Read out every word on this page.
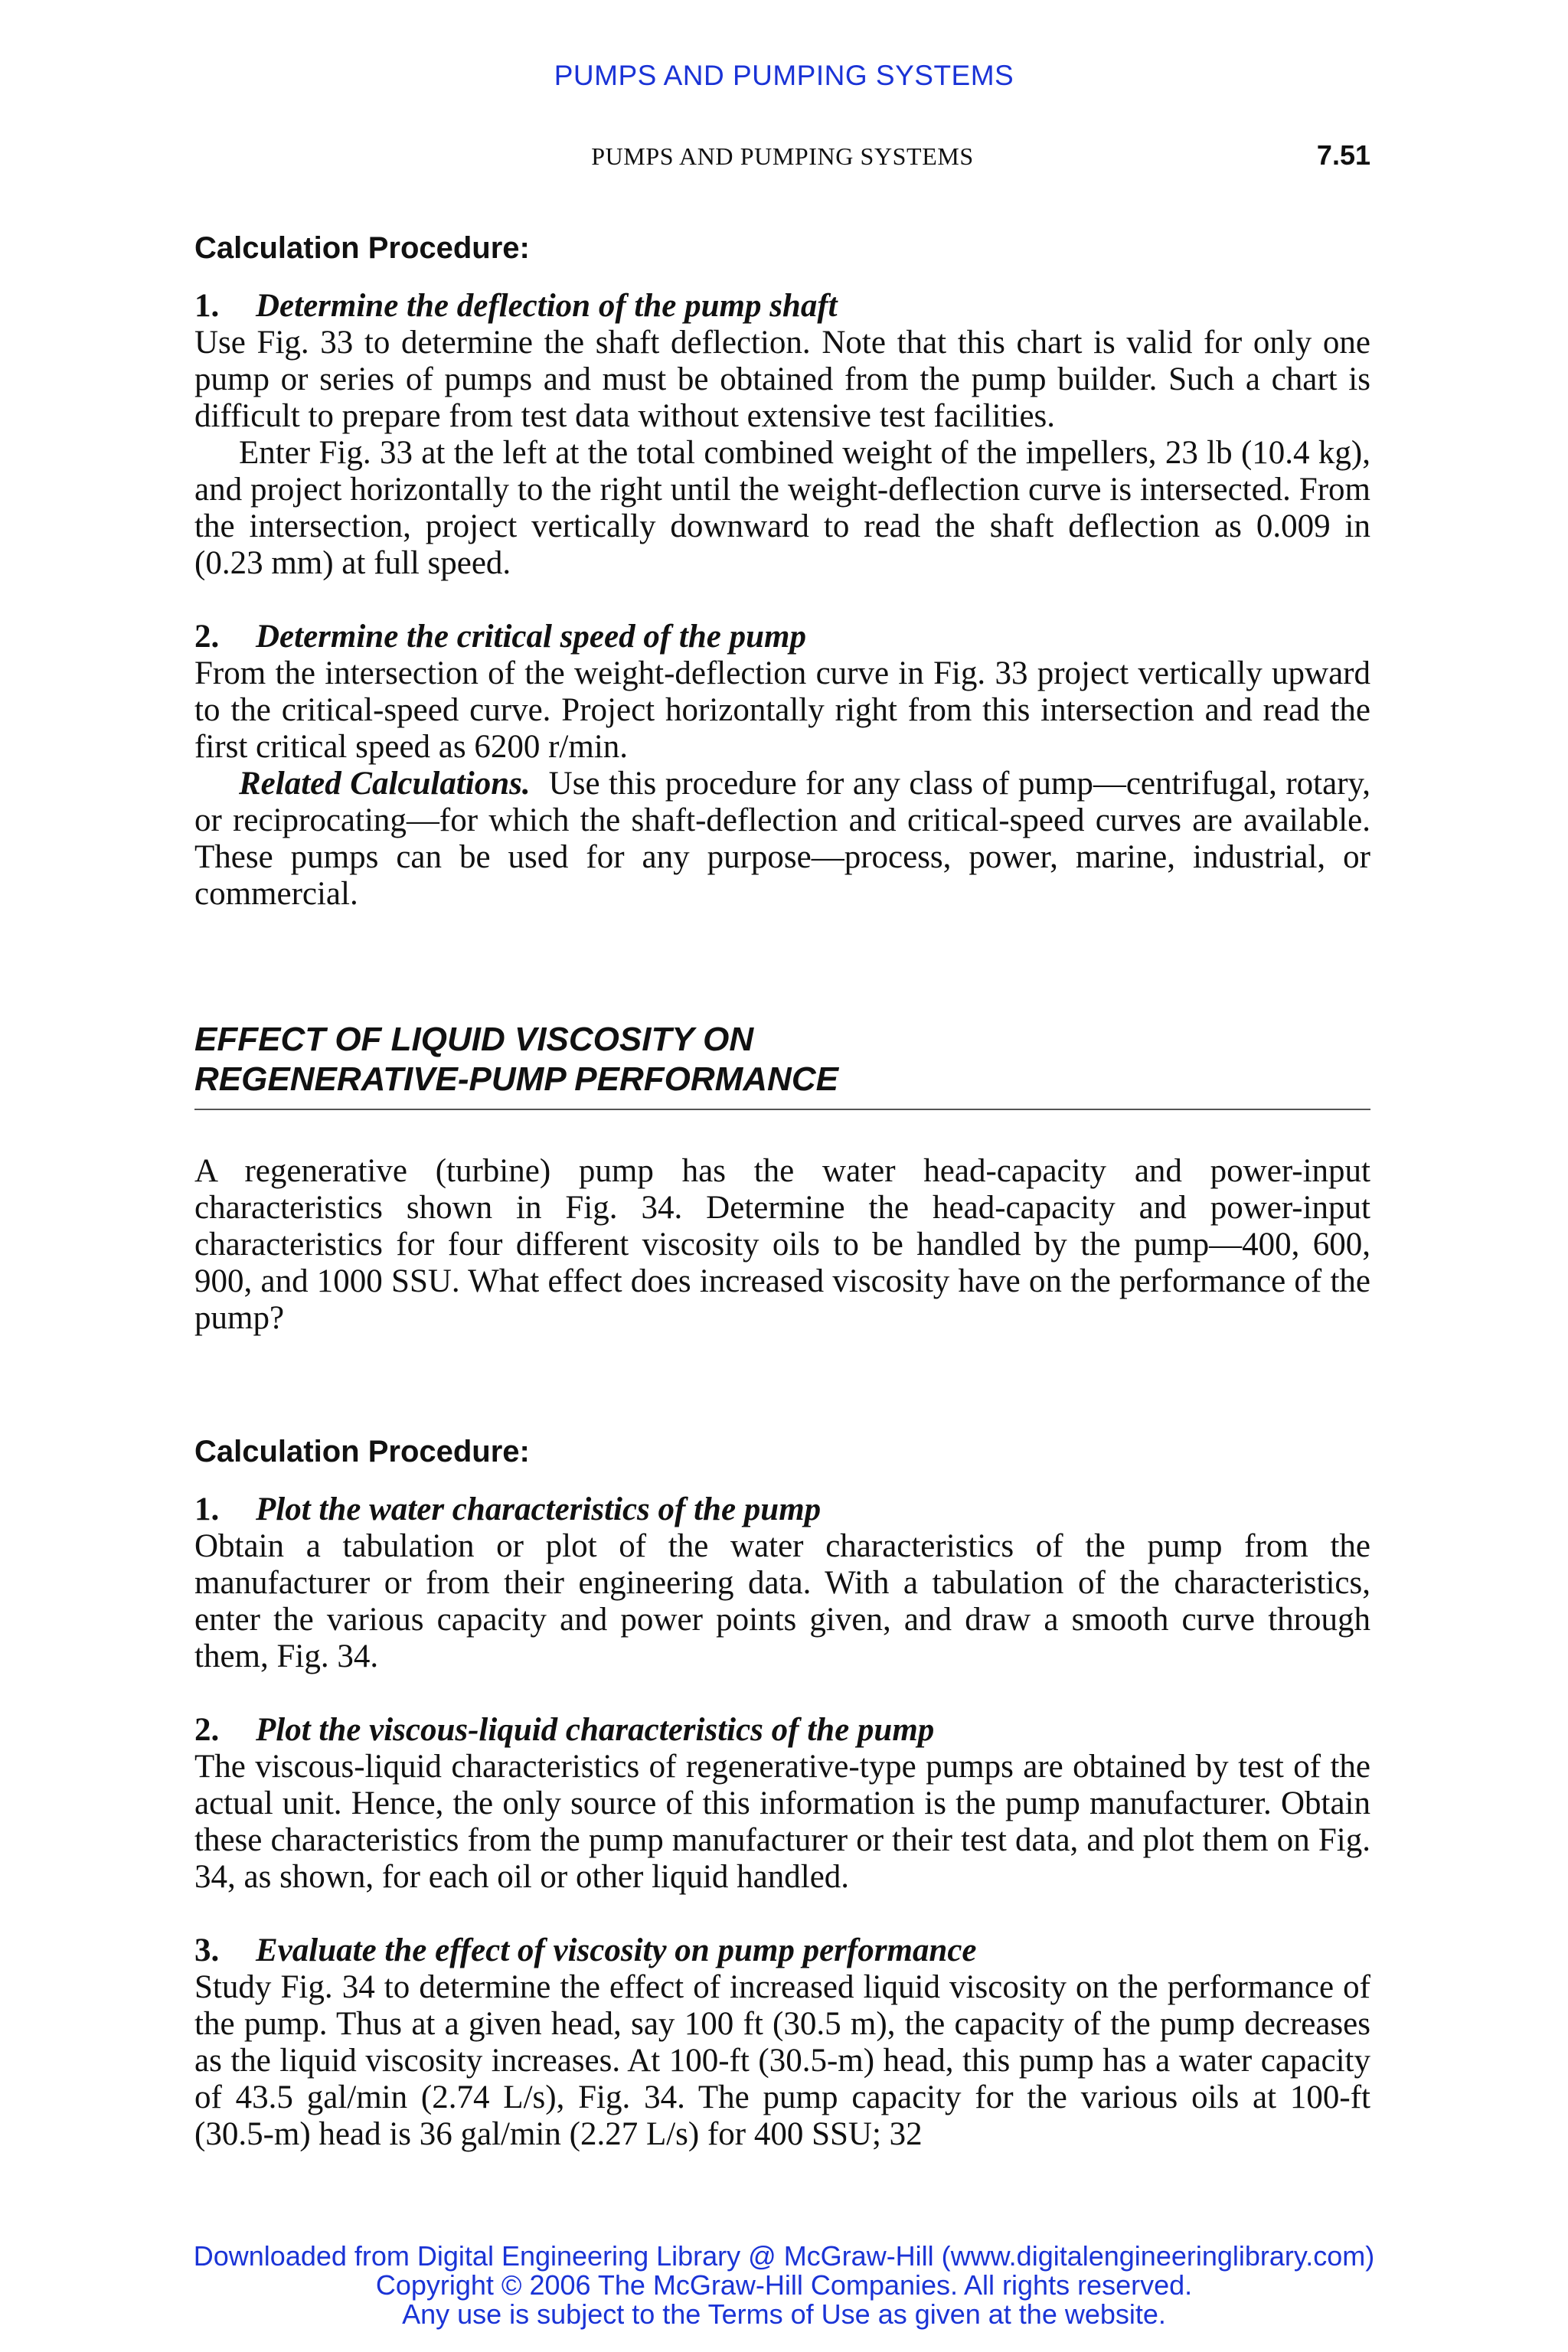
PUMPS AND PUMPING SYSTEMS
PUMPS AND PUMPING SYSTEMS	7.51
Calculation Procedure:
1. Determine the deflection of the pump shaft

Use Fig. 33 to determine the shaft deflection. Note that this chart is valid for only one pump or series of pumps and must be obtained from the pump builder. Such a chart is difficult to prepare from test data without extensive test facilities.

Enter Fig. 33 at the left at the total combined weight of the impellers, 23 lb (10.4 kg), and project horizontally to the right until the weight-deflection curve is intersected. From the intersection, project vertically downward to read the shaft deflection as 0.009 in (0.23 mm) at full speed.

2. Determine the critical speed of the pump

From the intersection of the weight-deflection curve in Fig. 33 project vertically upward to the critical-speed curve. Project horizontally right from this intersection and read the first critical speed as 6200 r/min.

Related Calculations. Use this procedure for any class of pump—centrifugal, rotary, or reciprocating—for which the shaft-deflection and critical-speed curves are available. These pumps can be used for any purpose—process, power, marine, industrial, or commercial.

EFFECT OF LIQUID VISCOSITY ON
REGENERATIVE-PUMP PERFORMANCE

A regenerative (turbine) pump has the water head-capacity and power-input characteristics shown in Fig. 34. Determine the head-capacity and power-input characteristics for four different viscosity oils to be handled by the pump—400, 600, 900, and 1000 SSU. What effect does increased viscosity have on the performance of the pump?

Calculation Procedure:
1. Plot the water characteristics of the pump

Obtain a tabulation or plot of the water characteristics of the pump from the manufacturer or from their engineering data. With a tabulation of the characteristics, enter the various capacity and power points given, and draw a smooth curve through them, Fig. 34.

2. Plot the viscous-liquid characteristics of the pump

The viscous-liquid characteristics of regenerative-type pumps are obtained by test of the actual unit. Hence, the only source of this information is the pump manufacturer. Obtain these characteristics from the pump manufacturer or their test data, and plot them on Fig. 34, as shown, for each oil or other liquid handled.

3. Evaluate the effect of viscosity on pump performance

Study Fig. 34 to determine the effect of increased liquid viscosity on the performance of the pump. Thus at a given head, say 100 ft (30.5 m), the capacity of the pump decreases as the liquid viscosity increases. At 100-ft (30.5-m) head, this pump has a water capacity of 43.5 gal/min (2.74 L/s), Fig. 34. The pump capacity for the various oils at 100-ft (30.5-m) head is 36 gal/min (2.27 L/s) for 400 SSU; 32

Downloaded from Digital Engineering Library @ McGraw-Hill (www.digitalengineeringlibrary.com)
Copyright © 2006 The McGraw-Hill Companies. All rights reserved.
Any use is subject to the Terms of Use as given at the website.
